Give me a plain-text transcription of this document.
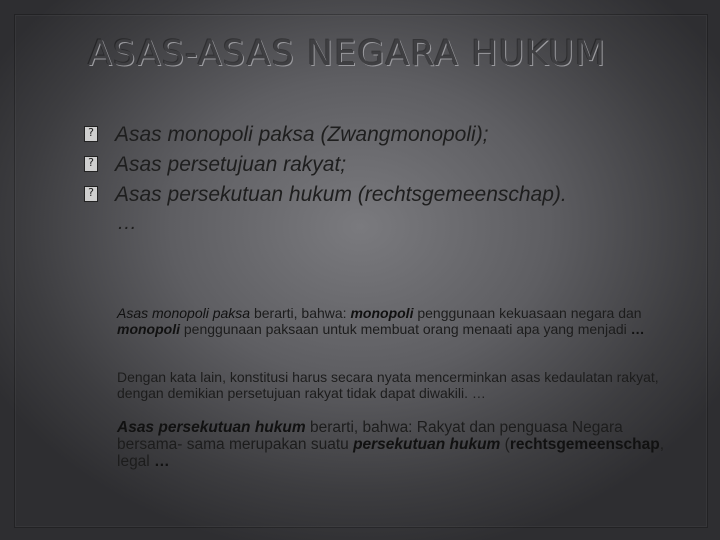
ASAS-ASAS NEGARA HUKUM
?
Asas monopoli paksa (Zwangmonopoli);
?
Asas persetujuan rakyat;
?
Asas persekutuan hukum (rechtsgemeenschap).
…
Asas monopoli paksa berarti, bahwa: monopoli penggunaan kekuasaan negara dan monopoli penggunaan paksaan untuk membuat orang menaati apa yang menjadi …
Dengan kata lain, konstitusi harus secara nyata mencerminkan asas kedaulatan rakyat, dengan demikian persetujuan rakyat tidak dapat diwakili. …
Asas persekutuan hukum berarti, bahwa: Rakyat dan penguasa Negara bersama- sama merupakan suatu persekutuan hukum (rechtsgemeenschap, legal …
